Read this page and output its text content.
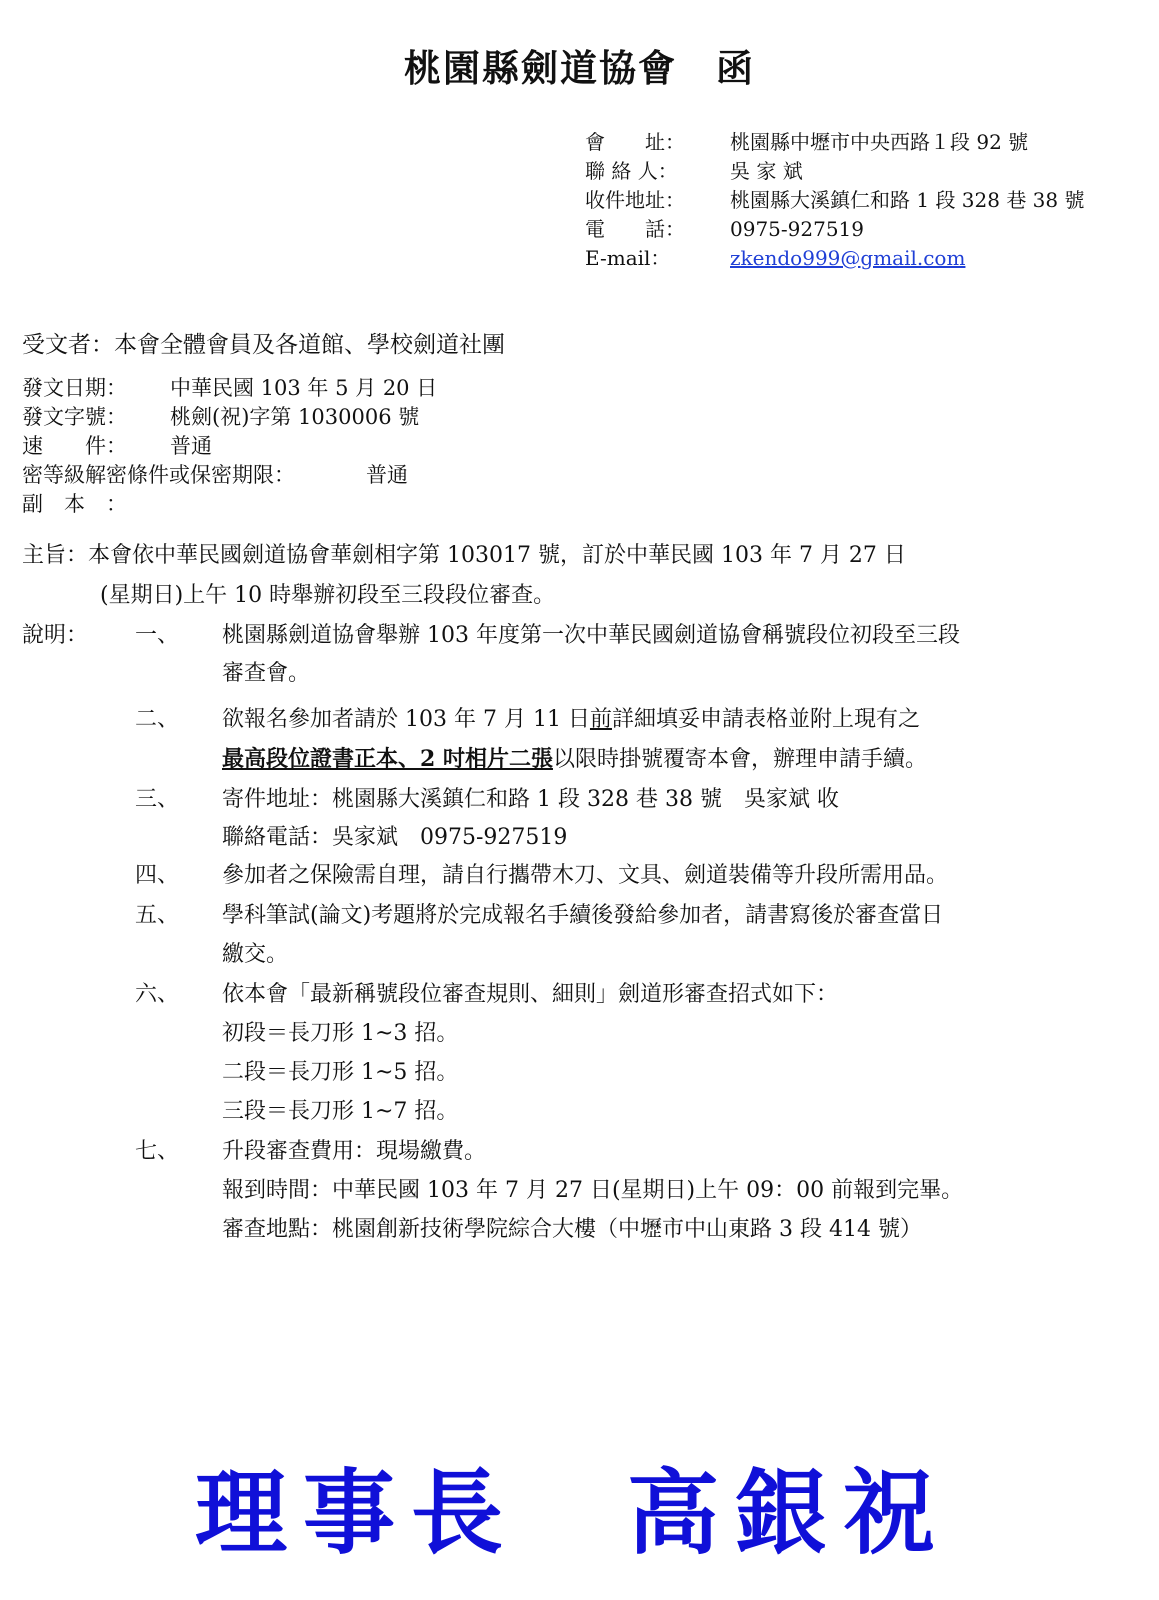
桃園縣劍道協會　函
會　　址： 桃園縣中壢市中央西路１段 92 號
聯 絡 人：	吳 家 斌
收件地址： 桃園縣大溪鎮仁和路 1 段 328 巷 38 號
電　　話： 0975-927519
E-mail：	zkendo999@gmail.com
受文者：本會全體會員及各道館、學校劍道社團
發文日期： 中華民國 103 年 5 月 20 日
發文字號： 桃劍(祝)字第 1030006 號
速　　件： 普通
密等級解密條件或保密期限：	普通
副　本　：
主旨：本會依中華民國劍道協會華劍相字第 103017 號，訂於中華民國 103 年 7 月 27 日
(星期日)上午 10 時舉辦初段至三段段位審查。
說明： 一、 桃園縣劍道協會舉辦 103 年度第一次中華民國劍道協會稱號段位初段至三段
審查會。
二、 欲報名參加者請於 103 年 7 月 11 日前詳細填妥申請表格並附上現有之
最高段位證書正本、2 吋相片二張以限時掛號覆寄本會，辦理申請手續。
三、 寄件地址：桃園縣大溪鎮仁和路 1 段 328 巷 38 號　吳家斌 收
聯絡電話：吳家斌　0975-927519
四、 參加者之保險需自理，請自行攜帶木刀、文具、劍道裝備等升段所需用品。
五、 學科筆試(論文)考題將於完成報名手續後發給參加者，請書寫後於審查當日
繳交。
六、 依本會「最新稱號段位審查規則、細則」劍道形審查招式如下：
初段＝長刀形 1~3 招。
二段＝長刀形 1~5 招。
三段＝長刀形 1~7 招。
七、 升段審查費用：現場繳費。
報到時間：中華民國 103 年 7 月 27 日(星期日)上午 09：00 前報到完畢。
審查地點：桃園創新技術學院綜合大樓（中壢市中山東路 3 段 414 號）
理事長　高銀祝
